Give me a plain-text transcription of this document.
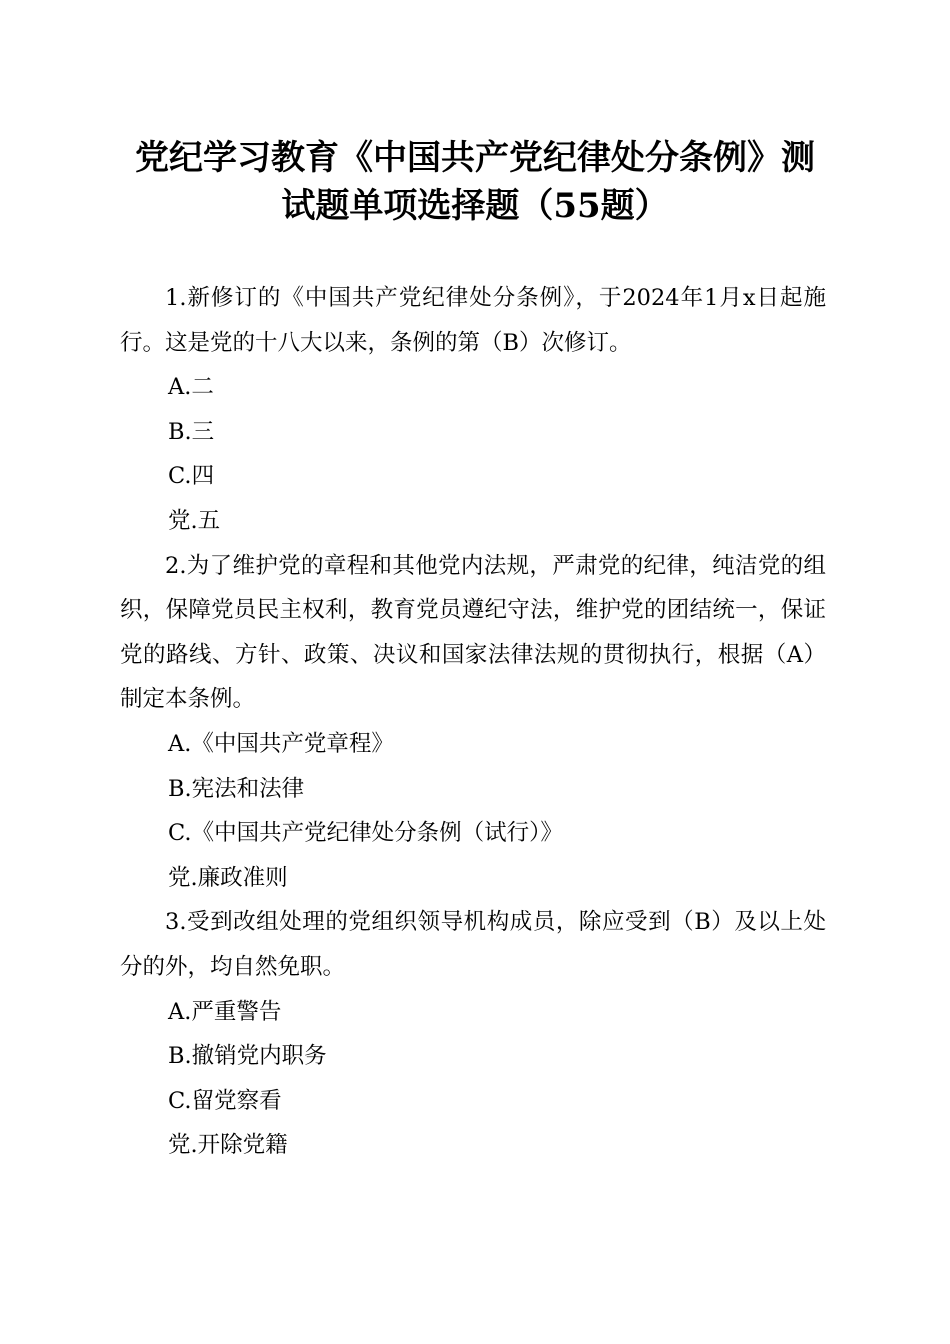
党纪学习教育《中国共产党纪律处分条例》测
试题单项选择题（55题）

1.新修订的《中国共产党纪律处分条例》，于2024年1月x日起施行。这是党的十八大以来，条例的第（B）次修订。

A.二

B.三

C.四

党.五

2.为了维护党的章程和其他党内法规，严肃党的纪律，纯洁党的组织，保障党员民主权利，教育党员遵纪守法，维护党的团结统一，保证党的路线、方针、政策、决议和国家法律法规的贯彻执行，根据（A）制定本条例。

A.《中国共产党章程》

B.宪法和法律

C.《中国共产党纪律处分条例（试行）》

党.廉政准则

3.受到改组处理的党组织领导机构成员，除应受到（B）及以上处分的外，均自然免职。

A.严重警告

B.撤销党内职务

C.留党察看

党.开除党籍
